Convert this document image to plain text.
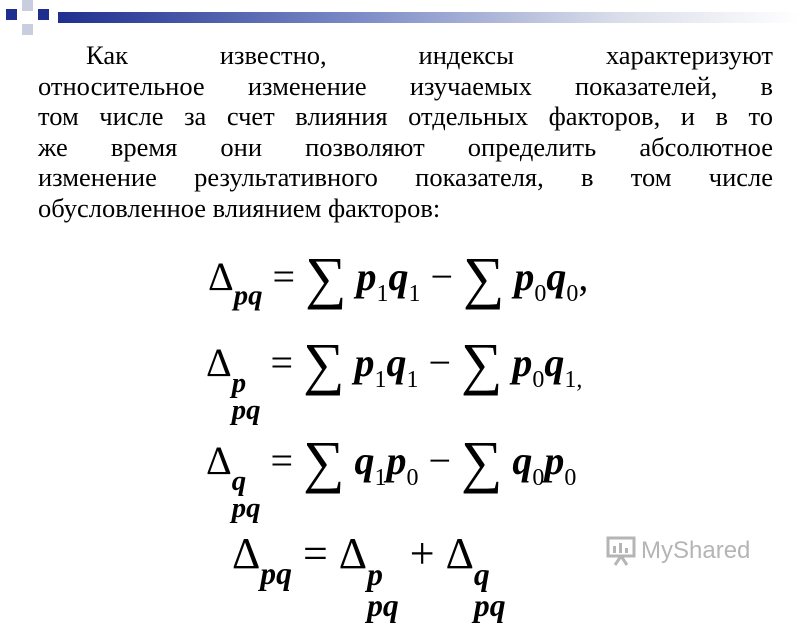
Как известно, индексы характеризуют
относительное изменение изучаемых показателей, в
том числе за счет влияния отдельных факторов, и в то
же время они позволяют определить абсолютное
изменение результативного показателя, в том числе
обусловленное влиянием факторов:

$\Delta_{pq}$ = ∑ $p_1q_1$ − ∑ $p_0q_0$,
Δ p
pq
= ∑ $p_1q_1$ − ∑ $p_0q_{1,}$
Δ q
pq
= ∑ $q_1p_0$ − ∑ $q_0p_0$
$\Delta_{pq} = \Delta$ p
pq
+ Δ q
pq
MyShared
